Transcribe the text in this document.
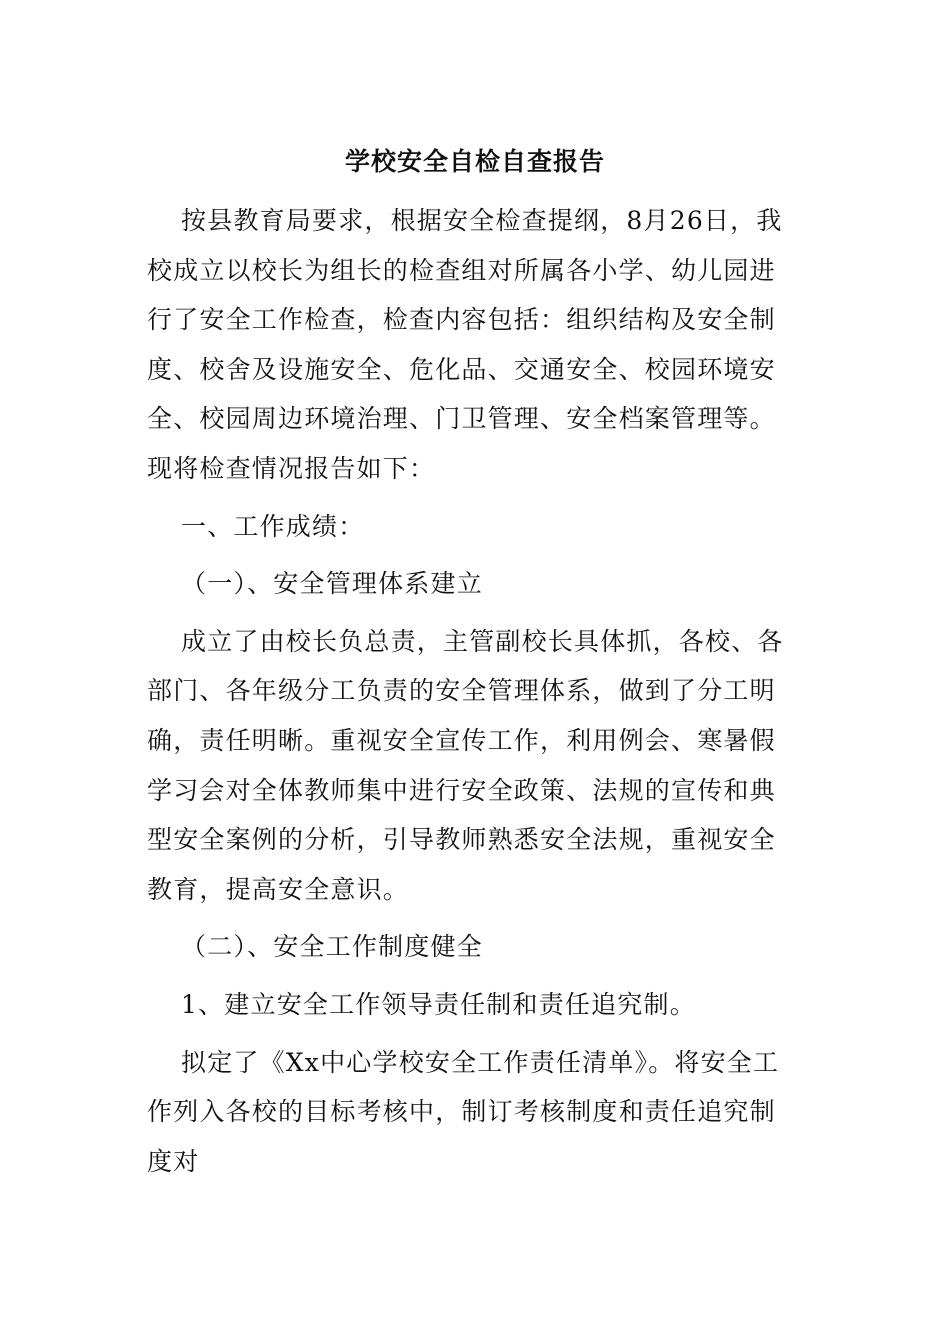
学校安全自检自查报告

按县教育局要求，根据安全检查提纲，8月26日，我校成立以校长为组长的检查组对所属各小学、幼儿园进行了安全工作检查，检查内容包括：组织结构及安全制度、校舍及设施安全、危化品、交通安全、校园环境安全、校园周边环境治理、门卫管理、安全档案管理等。现将检查情况报告如下：

一、工作成绩：

（一）、安全管理体系建立

成立了由校长负总责，主管副校长具体抓，各校、各部门、各年级分工负责的安全管理体系，做到了分工明确，责任明晰。重视安全宣传工作，利用例会、寒暑假学习会对全体教师集中进行安全政策、法规的宣传和典型安全案例的分析，引导教师熟悉安全法规，重视安全教育，提高安全意识。

（二）、安全工作制度健全

1、建立安全工作领导责任制和责任追究制。

拟定了《Xx中心学校安全工作责任清单》。将安全工作列入各校的目标考核中，制订考核制度和责任追究制度对
